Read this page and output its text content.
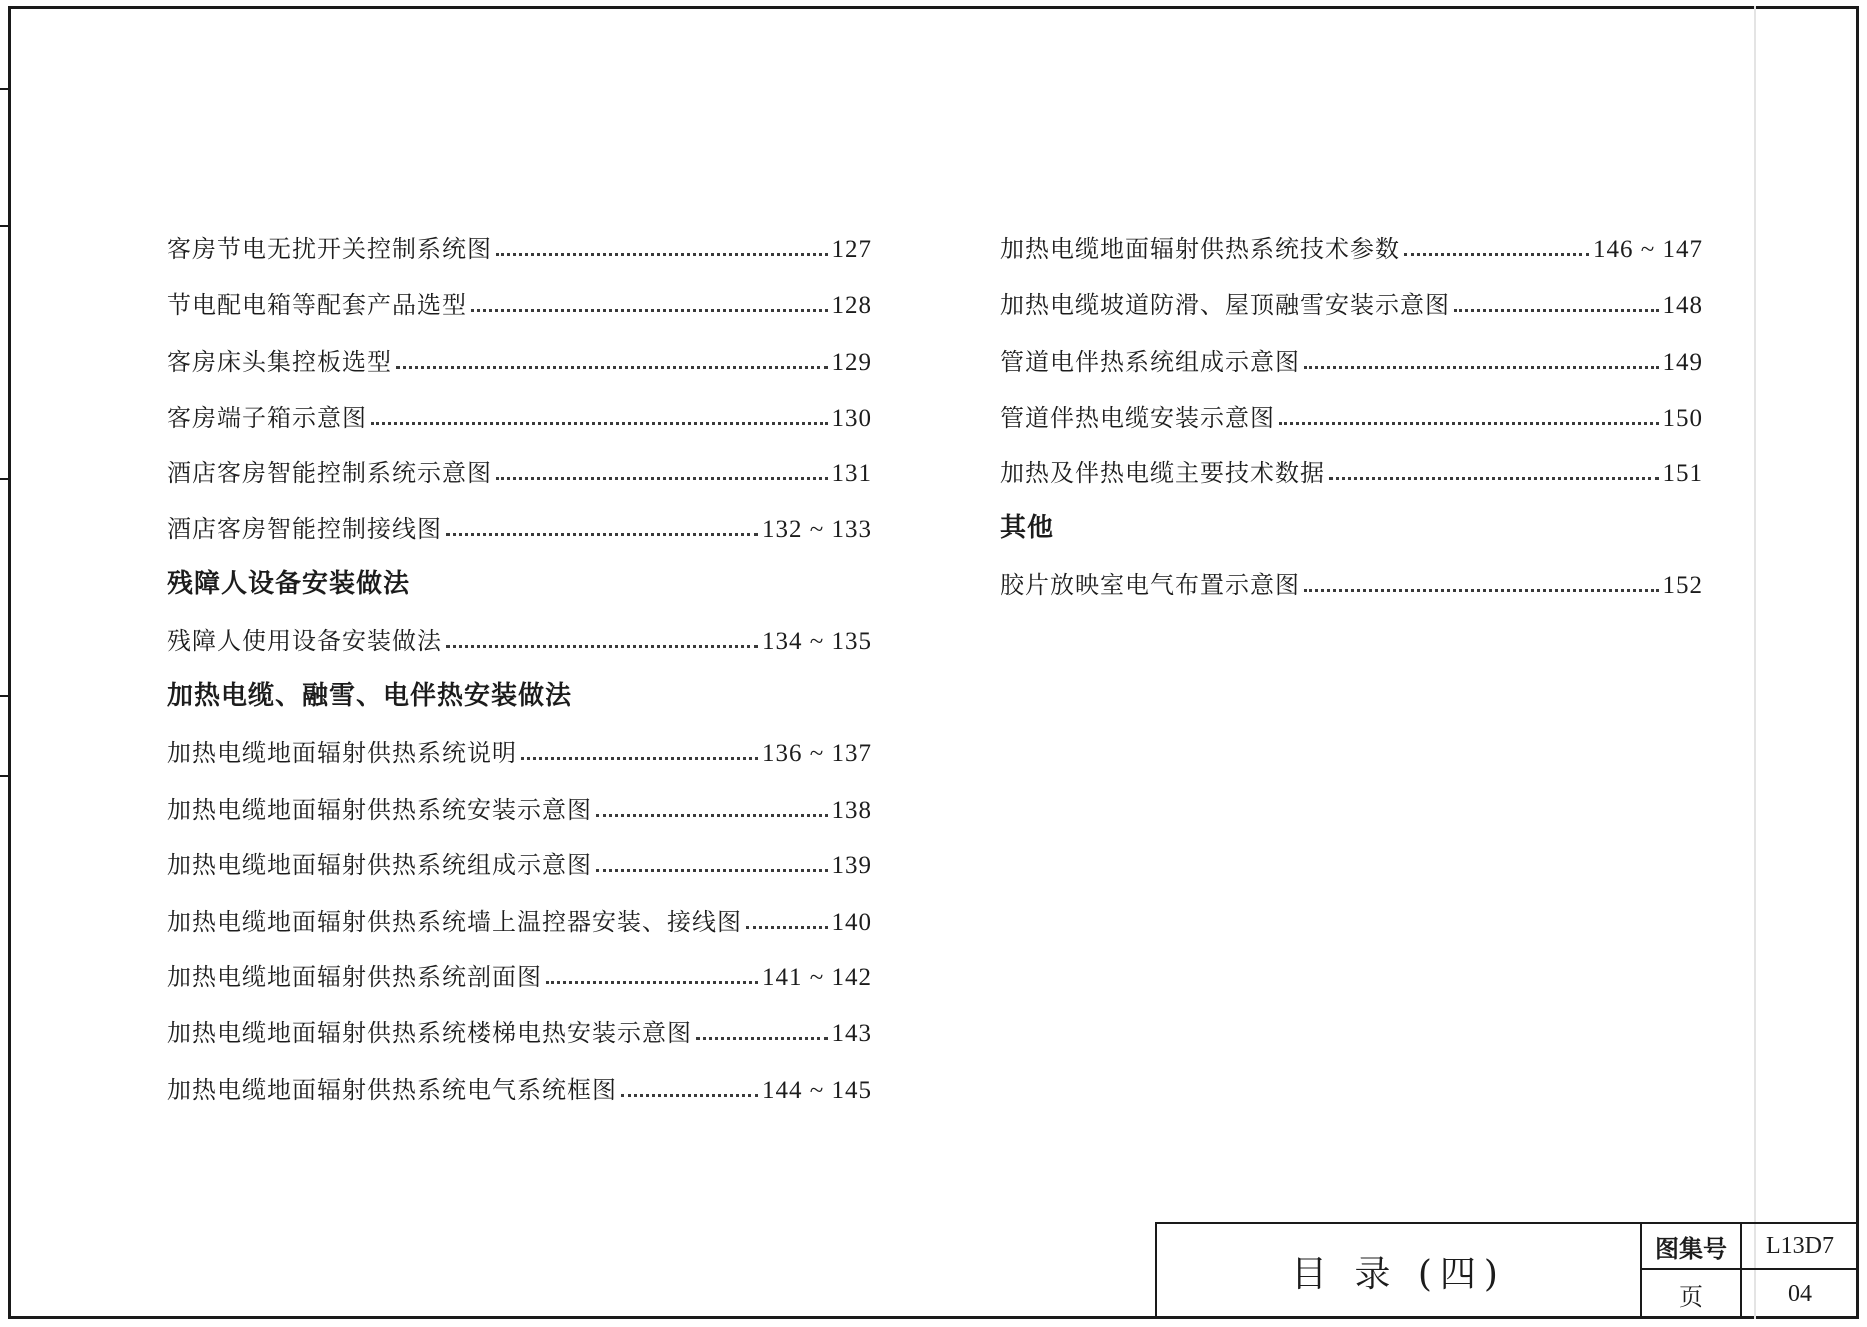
客房节电无扰开关控制系统图	127
节电配电箱等配套产品选型	128
客房床头集控板选型	129
客房端子箱示意图	130
酒店客房智能控制系统示意图	131
酒店客房智能控制接线图	132 ~ 133
残障人设备安装做法
残障人使用设备安装做法	134 ~ 135
加热电缆、融雪、电伴热安装做法
加热电缆地面辐射供热系统说明	136 ~ 137
加热电缆地面辐射供热系统安装示意图	138
加热电缆地面辐射供热系统组成示意图	139
加热电缆地面辐射供热系统墙上温控器安装、接线图	140
加热电缆地面辐射供热系统剖面图	141 ~ 142
加热电缆地面辐射供热系统楼梯电热安装示意图	143
加热电缆地面辐射供热系统电气系统框图	144 ~ 145
加热电缆地面辐射供热系统技术参数	146 ~ 147
加热电缆坡道防滑、屋顶融雪安装示意图	148
管道电伴热系统组成示意图	149
管道伴热电缆安装示意图	150
加热及伴热电缆主要技术数据	151
其他
胶片放映室电气布置示意图	152
目 录 (四)
图集号	L13D7
页	04
